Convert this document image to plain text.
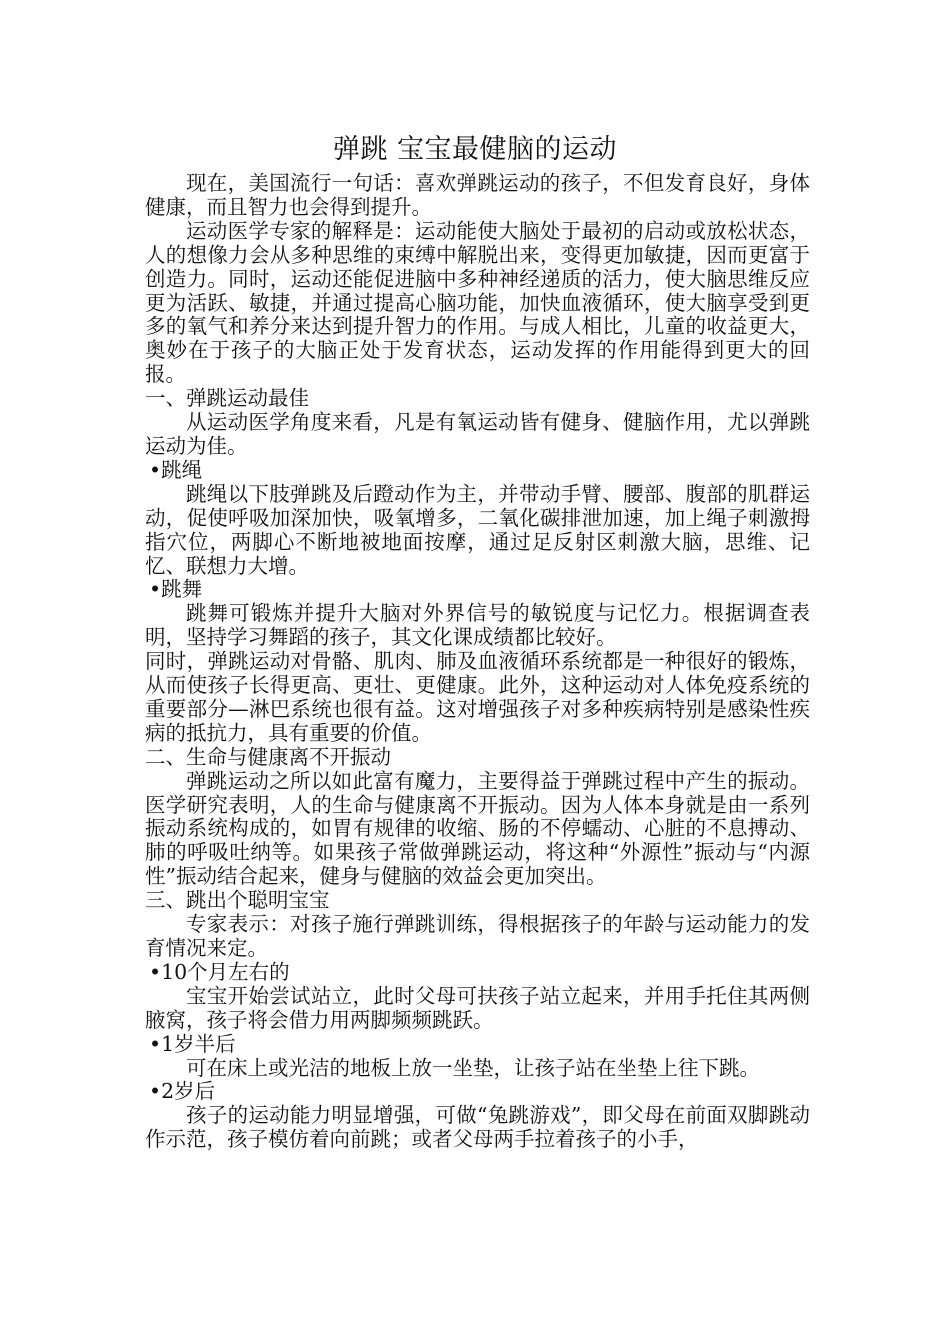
弹跳 宝宝最健脑的运动

现在，美国流行一句话：喜欢弹跳运动的孩子，不但发育良好，身体健康，而且智力也会得到提升。

运动医学专家的解释是：运动能使大脑处于最初的启动或放松状态，人的想像力会从多种思维的束缚中解脱出来，变得更加敏捷，因而更富于创造力。同时，运动还能促进脑中多种神经递质的活力，使大脑思维反应更为活跃、敏捷，并通过提高心脑功能，加快血液循环，使大脑享受到更多的氧气和养分来达到提升智力的作用。与成人相比，儿童的收益更大，奥妙在于孩子的大脑正处于发育状态，运动发挥的作用能得到更大的回报。

一、弹跳运动最佳

从运动医学角度来看，凡是有氧运动皆有健身、健脑作用，尤以弹跳运动为佳。

•跳绳

跳绳以下肢弹跳及后蹬动作为主，并带动手臂、腰部、腹部的肌群运动，促使呼吸加深加快，吸氧增多，二氧化碳排泄加速，加上绳子刺激拇指穴位，两脚心不断地被地面按摩，通过足反射区刺激大脑，思维、记忆、联想力大增。

•跳舞

跳舞可锻炼并提升大脑对外界信号的敏锐度与记忆力。根据调查表明，坚持学习舞蹈的孩子，其文化课成绩都比较好。

同时，弹跳运动对骨骼、肌肉、肺及血液循环系统都是一种很好的锻炼，从而使孩子长得更高、更壮、更健康。此外，这种运动对人体免疫系统的重要部分—淋巴系统也很有益。这对增强孩子对多种疾病特别是感染性疾病的抵抗力，具有重要的价值。

二、生命与健康离不开振动

弹跳运动之所以如此富有魔力，主要得益于弹跳过程中产生的振动。医学研究表明，人的生命与健康离不开振动。因为人体本身就是由一系列振动系统构成的，如胃有规律的收缩、肠的不停蠕动、心脏的不息搏动、肺的呼吸吐纳等。如果孩子常做弹跳运动，将这种“外源性”振动与“内源性”振动结合起来，健身与健脑的效益会更加突出。

三、跳出个聪明宝宝

专家表示：对孩子施行弹跳训练，得根据孩子的年龄与运动能力的发育情况来定。

•10个月左右的

宝宝开始尝试站立，此时父母可扶孩子站立起来，并用手托住其两侧腋窝，孩子将会借力用两脚频频跳跃。

•1岁半后

可在床上或光洁的地板上放一坐垫，让孩子站在坐垫上往下跳。

•2岁后

孩子的运动能力明显增强，可做“兔跳游戏”，即父母在前面双脚跳动作示范，孩子模仿着向前跳；或者父母两手拉着孩子的小手，
